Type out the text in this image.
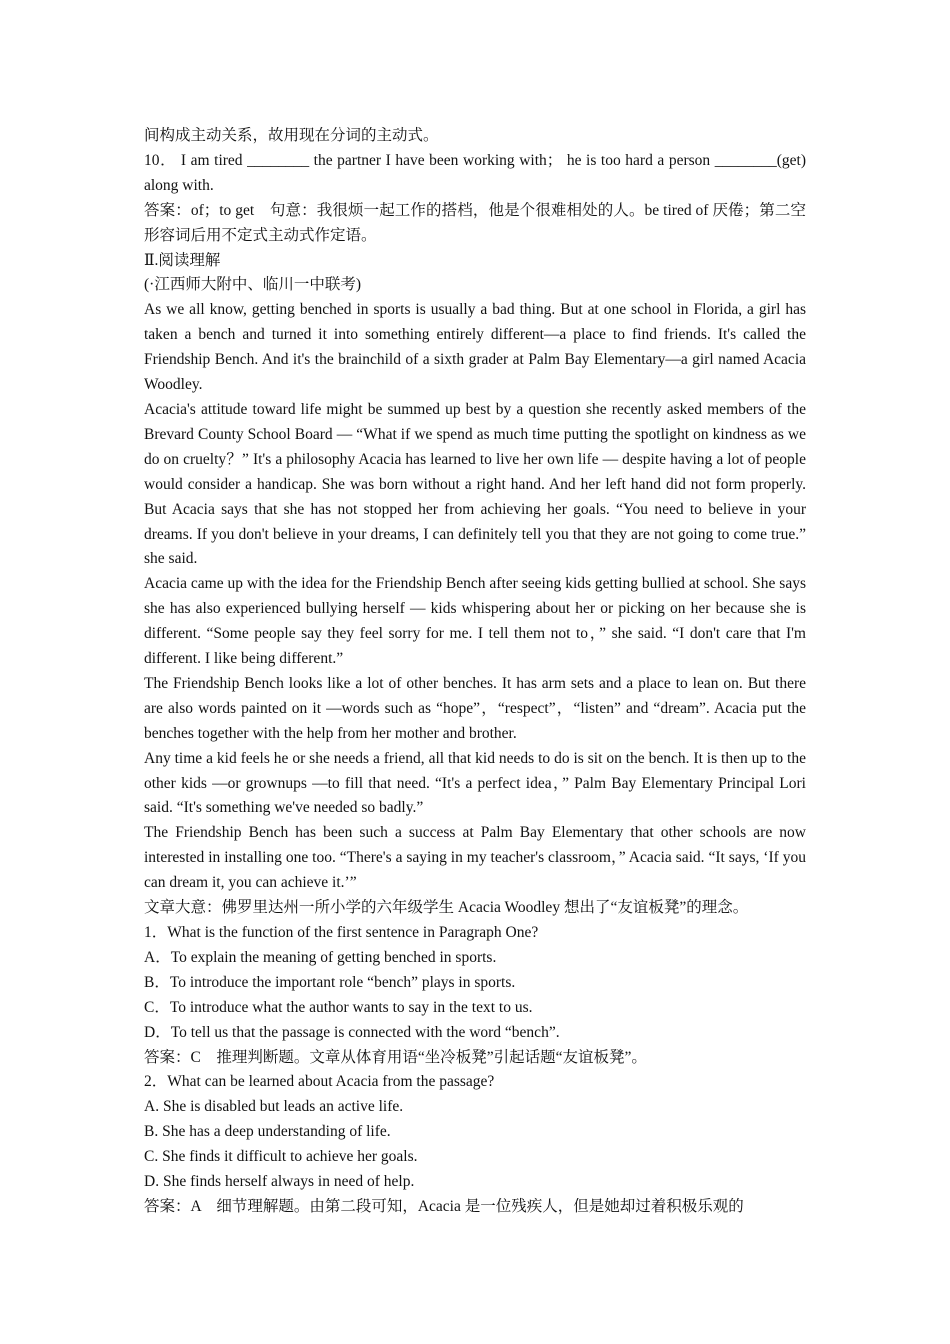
间构成主动关系，故用现在分词的主动式。

10． I am tired ________ the partner I have been working with； he is too hard a person ________(get) along with.

答案：of；to get　句意：我很烦一起工作的搭档，他是个很难相处的人。be tired of 厌倦；第二空形容词后用不定式主动式作定语。

Ⅱ.阅读理解

(·江西师大附中、临川一中联考)

As we all know, getting benched in sports is usually a bad thing. But at one school in Florida, a girl has taken a bench and turned it into something entirely different—a place to find friends. It's called the Friendship Bench. And it's the brainchild of a sixth grader at Palm Bay Elementary—a girl named Acacia Woodley.

Acacia's attitude toward life might be summed up best by a question she recently asked members of the Brevard County School Board — “What if we spend as much time putting the spotlight on kindness as we do on cruelty？” It's a philosophy Acacia has learned to live her own life — despite having a lot of people would consider a handicap. She was born without a right hand. And her left hand did not form properly. But Acacia says that she has not stopped her from achieving her goals. “You need to believe in your dreams. If you don't believe in your dreams, I can definitely tell you that they are not going to come true.” she said.

Acacia came up with the idea for the Friendship Bench after seeing kids getting bullied at school. She says she has also experienced bullying herself — kids whispering about her or picking on her because she is different. “Some people say they feel sorry for me. I tell them not to，” she said. “I don't care that I'm different. I like being different.”

The Friendship Bench looks like a lot of other benches. It has arm sets and a place to lean on. But there are also words painted on it —words such as “hope”，“respect”，“listen” and “dream”. Acacia put the benches together with the help from her mother and brother.

Any time a kid feels he or she needs a friend, all that kid needs to do is sit on the bench. It is then up to the other kids —or grownups —to fill that need. “It's a perfect idea，” Palm Bay Elementary Principal Lori said. “It's something we've needed so badly.”

The Friendship Bench has been such a success at Palm Bay Elementary that other schools are now interested in installing one too. “There's a saying in my teacher's classroom，” Acacia said. “It says, ‘If you can dream it, you can achieve it.’”

文章大意：佛罗里达州一所小学的六年级学生 Acacia Woodley 想出了“友谊板凳”的理念。

1．What is the function of the first sentence in Paragraph One?

A．To explain the meaning of getting benched in sports.

B．To introduce the important role “bench” plays in sports.

C．To introduce what the author wants to say in the text to us.

D．To tell us that the passage is connected with the word “bench”.

答案：C　推理判断题。文章从体育用语“坐冷板凳”引起话题“友谊板凳”。

2．What can be learned about Acacia from the passage?

A. She is disabled but leads an active life.

B. She has a deep understanding of life.

C. She finds it difficult to achieve her goals.

D. She finds herself always in need of help.

答案：A　细节理解题。由第二段可知，Acacia 是一位残疾人，但是她却过着积极乐观的
